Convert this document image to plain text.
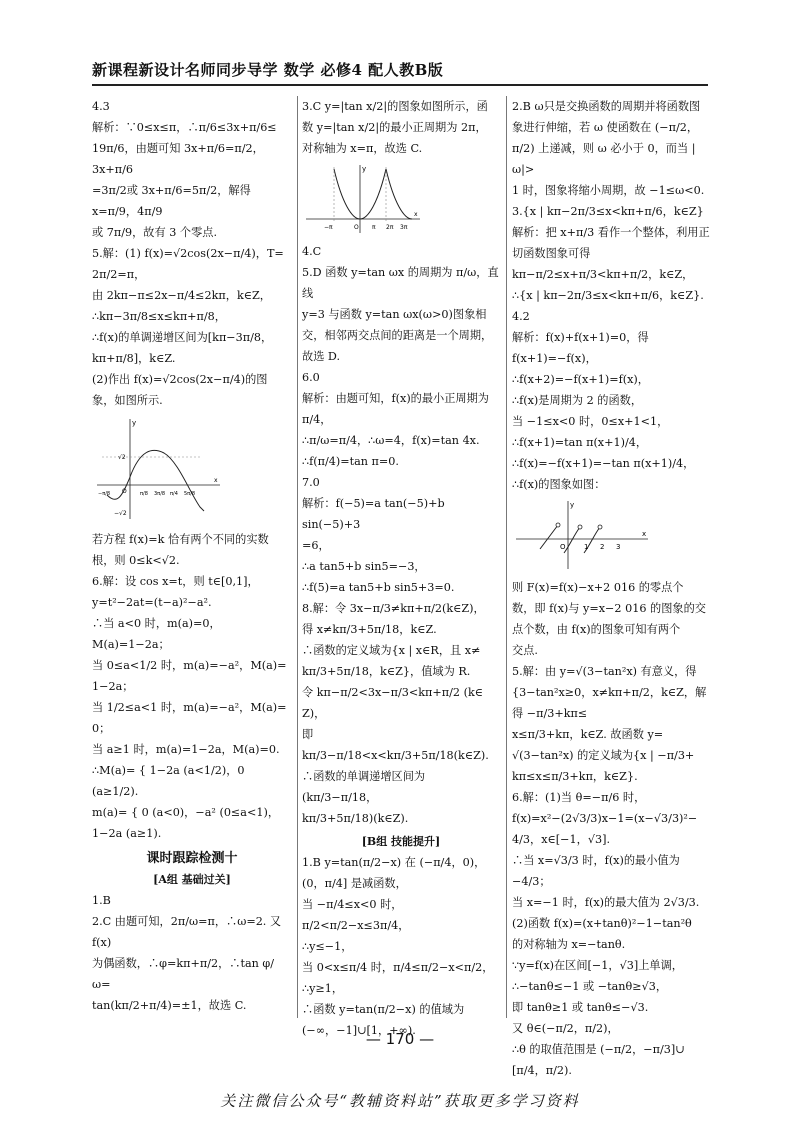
新课程新设计名师同步导学 数学 必修4 配人教B版

4.3

解析：∵0≤x≤π，∴π/6≤3x+π/6≤

19π/6，由题可知 3x+π/6=π/2，3x+π/6

=3π/2或 3x+π/6=5π/2，解得 x=π/9，4π/9

或 7π/9，故有 3 个零点.

5.解：(1) f(x)=√2cos(2x−π/4)，T=

2π/2=π，

由 2kπ−π≤2x−π/4≤2kπ，k∈Z，

∴kπ−3π/8≤x≤kπ+π/8，

∴f(x)的单调递增区间为[kπ−3π/8，

kπ+π/8]，k∈Z.

(2)作出 f(x)=√2cos(2x−π/4)的图

象，如图所示.

y
√2
O
x
−π/8	π/8 3π/8 π/4 5π/8
−√2

若方程 f(x)=k 恰有两个不同的实数

根，则 0≤k<√2.

6.解：设 cos x=t，则 t∈[0,1]，

y=t²−2at=(t−a)²−a².

∴当 a<0 时，m(a)=0，M(a)=1−2a；

当 0≤a<1/2 时，m(a)=−a²，M(a)=

1−2a；

当 1/2≤a<1 时，m(a)=−a²，M(a)=

0；

当 a≥1 时，m(a)=1−2a，M(a)=0.

∴M(a)= { 1−2a (a<1/2)，0 (a≥1/2).

m(a)= { 0 (a<0)，−a² (0≤a<1)，1−2a (a≥1).

课时跟踪检测十
[A组 基础过关]

1.B

2.C 由题可知，2π/ω=π，∴ω=2. 又 f(x)

为偶函数，∴φ=kπ+π/2，∴tan φ/ω=

tan(kπ/2+π/4)=±1，故选 C.

3.C y=|tan x/2|的图象如图所示，函

数 y=|tan x/2|的最小正周期为 2π，

对称轴为 x=π，故选 C.

y
−π	O π 2π 3π
x

4.C

5.D 函数 y=tan ωx 的周期为 π/ω，直线

y=3 与函数 y=tan ωx(ω>0)图象相

交，相邻两交点间的距离是一个周期，

故选 D.

6.0

解析：由题可知，f(x)的最小正周期为

π/4，

∴π/ω=π/4，∴ω=4，f(x)=tan 4x.

∴f(π/4)=tan π=0.

7.0

解析：f(−5)=a tan(−5)+b sin(−5)+3

=6，

∴a tan5+b sin5=−3，

∴f(5)=a tan5+b sin5+3=0.

8.解：令 3x−π/3≠kπ+π/2(k∈Z)，

得 x≠kπ/3+5π/18，k∈Z.

∴函数的定义域为{x | x∈R，且 x≠

kπ/3+5π/18，k∈Z}，值域为 R.

令 kπ−π/2<3x−π/3<kπ+π/2 (k∈

Z)，

即 kπ/3−π/18<x<kπ/3+5π/18(k∈Z).

∴函数的单调递增区间为(kπ/3−π/18，

kπ/3+5π/18)(k∈Z).

[B组 技能提升]

1.B y=tan(π/2−x) 在 (−π/4，0)，

(0，π/4] 是减函数，

当 −π/4≤x<0 时，π/2<π/2−x≤3π/4，

∴y≤−1，

当 0<x≤π/4 时，π/4≤π/2−x<π/2，

∴y≥1，

∴函数 y=tan(π/2−x) 的值域为

(−∞，−1]∪[1，+∞).

2.B ω只是交换函数的周期并将函数图

象进行伸缩，若 ω 使函数在 (−π/2，

π/2) 上递减，则 ω 必小于 0，而当 |ω|>

1 时，图象将缩小周期，故 −1≤ω<0.

3.{x | kπ−2π/3≤x<kπ+π/6，k∈Z}

解析：把 x+π/3 看作一个整体，利用正

切函数图象可得

kπ−π/2≤x+π/3<kπ+π/2，k∈Z，

∴{x | kπ−2π/3≤x<kπ+π/6，k∈Z}.

4.2

解析：f(x)+f(x+1)=0，得

f(x+1)=−f(x)，

∴f(x+2)=−f(x+1)=f(x)，

∴f(x)是周期为 2 的函数，

当 −1≤x<0 时，0≤x+1<1，

∴f(x+1)=tan π(x+1)/4，

∴f(x)=−f(x+1)=−tan π(x+1)/4，

∴f(x)的图象如图：

y
O	1 2 3
x

则 F(x)=f(x)−x+2 016 的零点个

数，即 f(x)与 y=x−2 016 的图象的交

点个数，由 f(x)的图象可知有两个

交点.

5.解：由 y=√(3−tan²x) 有意义，得

{3−tan²x≥0，x≠kπ+π/2，k∈Z，解得 −π/3+kπ≤

x≤π/3+kπ，k∈Z. 故函数 y=

√(3−tan²x) 的定义域为{x | −π/3+

kπ≤x≤π/3+kπ，k∈Z}.

6.解：(1)当 θ=−π/6 时，

f(x)=x²−(2√3/3)x−1=(x−√3/3)²−

4/3，x∈[−1，√3].

∴当 x=√3/3 时，f(x)的最小值为 −4/3；

当 x=−1 时，f(x)的最大值为 2√3/3.

(2)函数 f(x)=(x+tanθ)²−1−tan²θ

的对称轴为 x=−tanθ.

∵y=f(x)在区间[−1，√3]上单调，

∴−tanθ≤−1 或 −tanθ≥√3，

即 tanθ≥1 或 tanθ≤−√3.

又 θ∈(−π/2，π/2)，

∴θ 的取值范围是 (−π/2，−π/3]∪

[π/4，π/2).

— 170 —
关注微信公众号“教辅资料站”获取更多学习资料
